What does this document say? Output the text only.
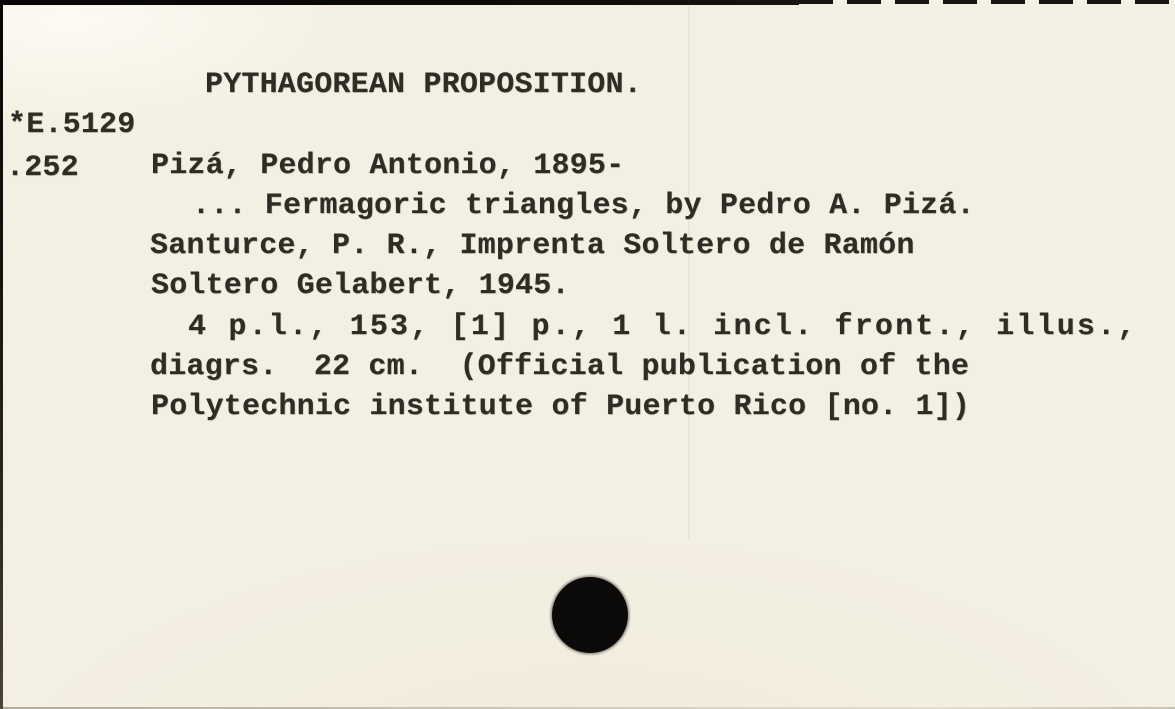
PYTHAGOREAN PROPOSITION.
*E.5129
.252 Pizá, Pedro Antonio, 1895-
... Fermagoric triangles, by Pedro A. Pizá.
Santurce, P. R., Imprenta Soltero de Ramón
Soltero Gelabert, 1945.
4 p.l., 153, [1] p., 1 l. incl. front., illus.,
diagrs.  22 cm.  (Official publication of the
Polytechnic institute of Puerto Rico [no. 1])
